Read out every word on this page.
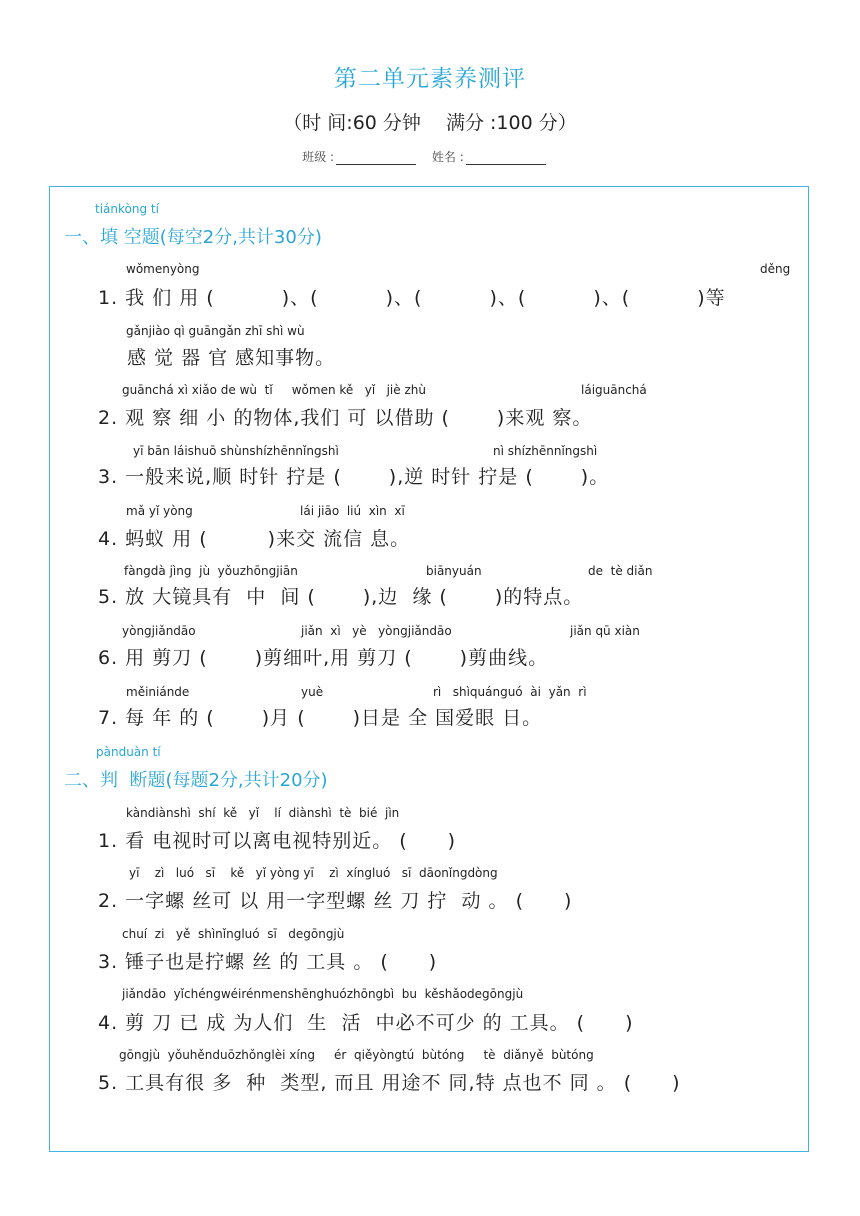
第二单元素养测评
（时 间:60 分钟　 满分 :100 分）
班级 :	姓名 :
tiánkòng tí
一、填 空题(每空2分,共计30分)
wǒmenyòng	děng
1. 我 们 用 (　　　 )、(　　　 )、(　　　 )、(　　　 )、(　　　 )等
gǎnjiào qì guāngǎn zhī shì wù
感 觉 器 官 感知事物。
guānchá xì xiǎo de wù  tǐ     wǒmen kě   yǐ   jiè zhù	láiguānchá
2. 观 察 细 小 的物体,我们 可 以借助 (　　 )来观 察。
yī bān láishuō shùnshízhēnnǐngshì	nì shízhēnnǐngshì
3. 一般来说,顺 时针 拧是 (　　 ),逆 时针 拧是 (　　 )。
mǎ yǐ yòng	lái jiāo  liú  xìn  xī
4. 蚂蚁 用 (　　　)来交 流信 息。
fàngdà jìng  jù  yǒuzhōngjiān	biānyuán	de  tè diǎn
5. 放 大镜具有  中  间 (　　 ),边  缘 (　　 )的特点。
yòngjiǎndāo	jiǎn  xì   yè   yòngjiǎndāo	jiǎn qū xiàn
6. 用 剪刀 (　　 )剪细叶,用 剪刀 (　　 )剪曲线。
měiniánde	yuè	rì   shìquánguó  ài  yǎn  rì
7. 每 年 的 (　　 )月 (　　 )日是 全 国爱眼 日。
pànduàn tí
二、判  断题(每题2分,共计20分)
kàndiànshì  shí  kě   yǐ    lí  diànshì  tè  bié  jìn
1. 看 电视时可以离电视特别近。 (　　)
yī    zì   luó   sī    kě   yǐ yòng yī    zì  xíngluó   sī  dāonǐngdòng
2. 一字螺 丝可 以 用一字型螺 丝 刀 拧  动 。 (　　)
chuí  zi   yě  shìnǐngluó  sī   degōngjù
3. 锤子也是拧螺 丝 的 工具 。 (　　)
jiǎndāo  yǐchéngwéirénmenshēnghuózhōngbì  bu  kěshǎodegōngjù
4. 剪 刀 已 成 为人们  生  活  中必不可少 的 工具。 (　　)
gōngjù  yǒuhěnduōzhǒnglèi xíng     ér  qiěyòngtú  bùtóng     tè  diǎnyě  bùtóng
5. 工具有很 多  种  类型, 而且 用途不 同,特 点也不 同 。 (　　)
